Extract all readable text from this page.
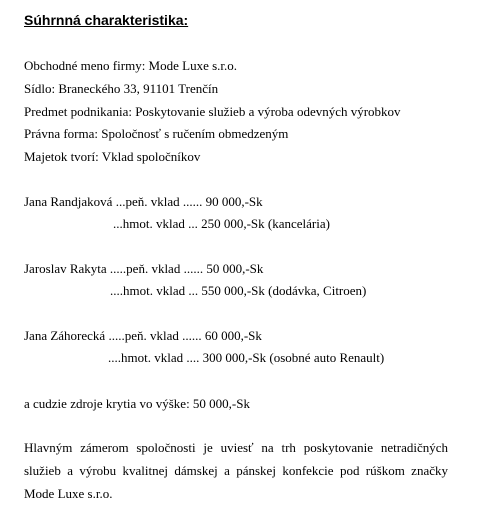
Súhrnná charakteristika:
Obchodné meno firmy: Mode Luxe s.r.o.
Sídlo: Braneckého 33, 91101 Trenčín
Predmet podnikania: Poskytovanie služieb a výroba odevných výrobkov
Právna forma: Spoločnosť s ručením obmedzeným
Majetok tvorí: Vklad spoločníkov
Jana Randjaková ...peň. vklad ...... 90 000,-Sk
...hmot. vklad ... 250 000,-Sk (kancelária)
Jaroslav Rakyta .....peň. vklad ...... 50 000,-Sk
....hmot. vklad ... 550 000,-Sk (dodávka, Citroen)
Jana Záhorecká .....peň. vklad ...... 60 000,-Sk
....hmot. vklad .... 300 000,-Sk (osobné auto Renault)
a cudzie zdroje krytia vo výške: 50 000,-Sk
Hlavným zámerom spoločnosti je uviesť na trh poskytovanie netradičných služieb a výrobu kvalitnej dámskej a pánskej konfekcie pod rúškom značky Mode Luxe s.r.o.
